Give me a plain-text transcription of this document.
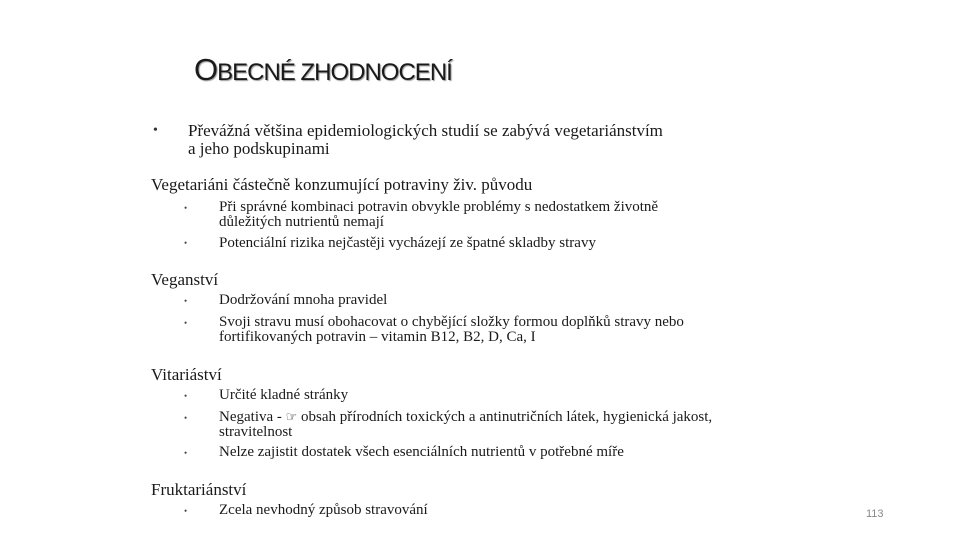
OBECNÉ ZHODNOCENÍ
• Převážná většina epidemiologických studií se zabývá vegetariánstvím
a jeho podskupinami
Vegetariáni částečně konzumující potraviny živ. původu
• Při správné kombinaci potravin obvykle problémy s nedostatkem životně
důležitých nutrientů nemají
• Potenciální rizika nejčastěji vycházejí ze špatné skladby stravy
Veganství
• Dodržování mnoha pravidel
• Svoji stravu musí obohacovat o chybějící složky formou doplňků stravy nebo
fortifikovaných potravin – vitamin B12, B2, D, Ca, I
Vitariáství
• Určité kladné stránky
• Negativa - ☞ obsah přírodních toxických a antinutričních látek, hygienická jakost,
stravitelnost
• Nelze zajistit dostatek všech esenciálních nutrientů v potřebné míře
Fruktariánství
• Zcela nevhodný způsob stravování	113
